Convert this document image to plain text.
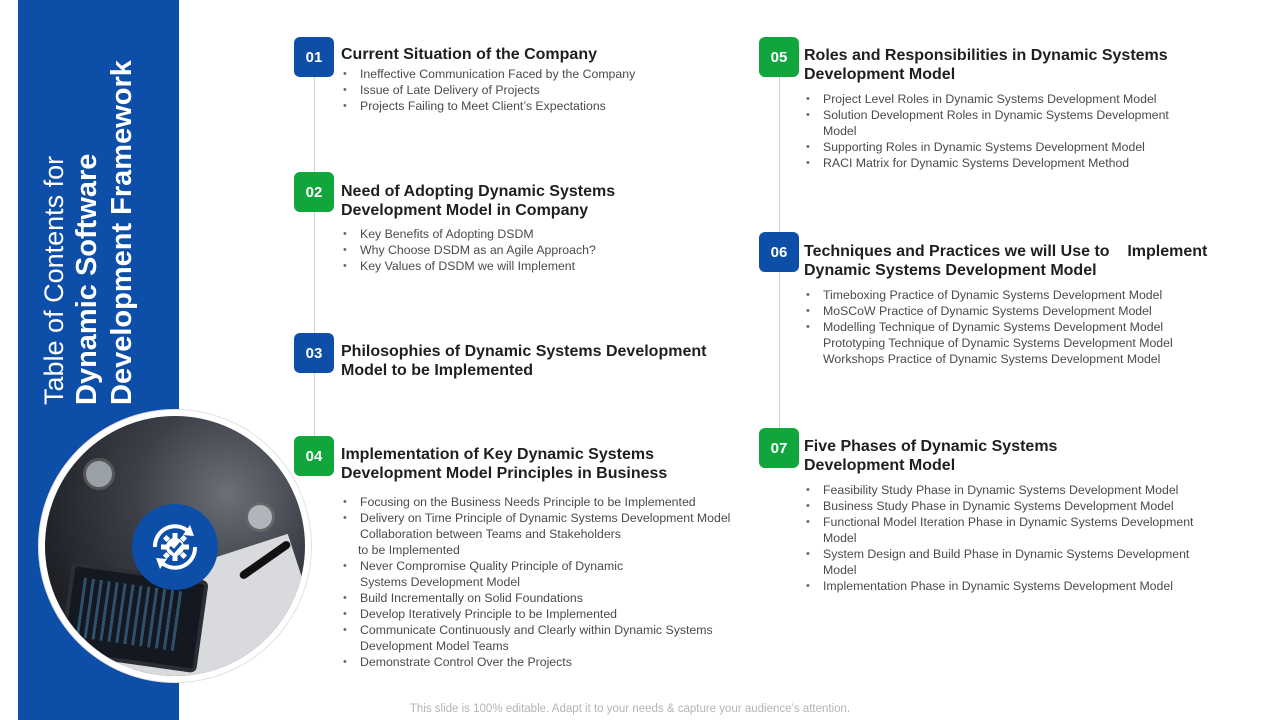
Table of Contents for Dynamic Software Development Framework
01	Current Situation of the Company
• Ineffective Communication Faced by the Company
• Issue of Late Delivery of Projects
• Projects Failing to Meet Client’s Expectations
02	Need of Adopting Dynamic Systems
Development Model in Company
• Key Benefits of Adopting DSDM
• Why Choose DSDM as an Agile Approach?
• Key Values of DSDM we will Implement
03	Philosophies of Dynamic Systems Development
Model to be Implemented
04	Implementation of Key Dynamic Systems
Development Model Principles in Business
• Focusing on the Business Needs Principle to be Implemented
• Delivery on Time Principle of Dynamic Systems Development Model
Collaboration between Teams and Stakeholders
to be Implemented
• Never Compromise Quality Principle of Dynamic
Systems Development Model
• Build Incrementally on Solid Foundations
• Develop Iteratively Principle to be Implemented
• Communicate Continuously and Clearly within Dynamic Systems
Development Model Teams
• Demonstrate Control Over the Projects
05	Roles and Responsibilities in Dynamic Systems
Development Model
• Project Level Roles in Dynamic Systems Development Model
• Solution Development Roles in Dynamic Systems Development
Model
• Supporting Roles in Dynamic Systems Development Model
• RACI Matrix for Dynamic Systems Development Method
06	Techniques and Practices we will Use to    Implement
Dynamic Systems Development Model
• Timeboxing Practice of Dynamic Systems Development Model
• MoSCoW Practice of Dynamic Systems Development Model
• Modelling Technique of Dynamic Systems Development Model
Prototyping Technique of Dynamic Systems Development Model
Workshops Practice of Dynamic Systems Development Model
07	Five Phases of Dynamic Systems
Development Model
• Feasibility Study Phase in Dynamic Systems Development Model
• Business Study Phase in Dynamic Systems Development Model
• Functional Model Iteration Phase in Dynamic Systems Development
Model
• System Design and Build Phase in Dynamic Systems Development
Model
• Implementation Phase in Dynamic Systems Development Model
This slide is 100% editable. Adapt it to your needs & capture your audience’s attention.
